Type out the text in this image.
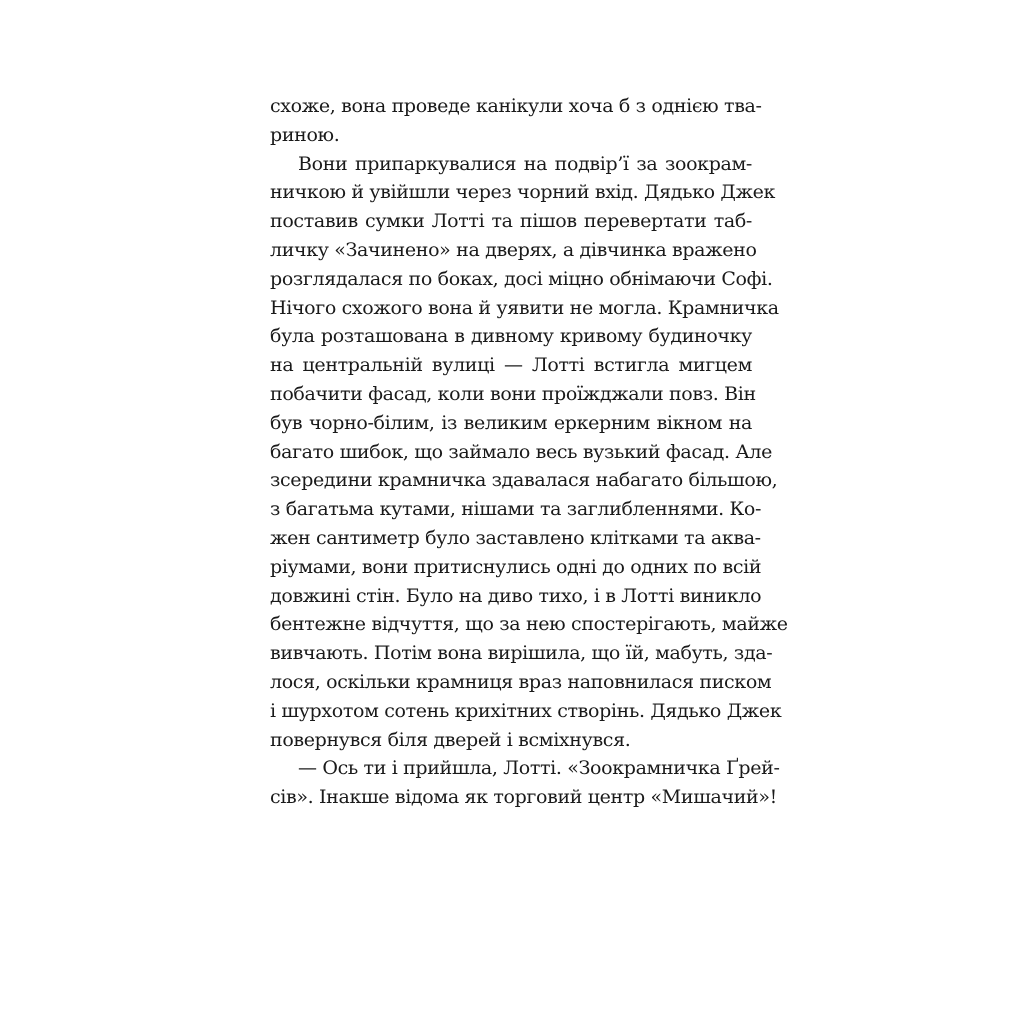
схоже, вона проведе канікули хоча б з однією тва-
риною.
Вони припаркувалися на подвір’ї за зоокрам-
ничкою й увійшли через чорний вхід. Дядько Джек
поставив сумки Лотті та пішов перевертати таб-
личку «Зачинено» на дверях, а дівчинка вражено
розглядалася по боках, досі міцно обнімаючи Софі.
Нічого схожого вона й уявити не могла. Крамничка
була розташована в дивному кривому будиночку
на центральній вулиці — Лотті встигла мигцем
побачити фасад, коли вони проїжджали повз. Він
був чорно-білим, із великим еркерним вікном на
багато шибок, що займало весь вузький фасад. Але
зсередини крамничка здавалася набагато більшою,
з багатьма кутами, нішами та заглибленнями. Ко-
жен сантиметр було заставлено клітками та аква-
ріумами, вони притиснулись одні до одних по всій
довжині стін. Було на диво тихо, і в Лотті виникло
бентежне відчуття, що за нею спостерігають, майже
вивчають. Потім вона вирішила, що їй, мабуть, зда-
лося, оскільки крамниця враз наповнилася писком
і шурхотом сотень крихітних створінь. Дядько Джек
повернувся біля дверей і всміхнувся.
— Ось ти і прийшла, Лотті. «Зоокрамничка Ґрей-
сів». Інакше відома як торговий центр «Мишачий»!
